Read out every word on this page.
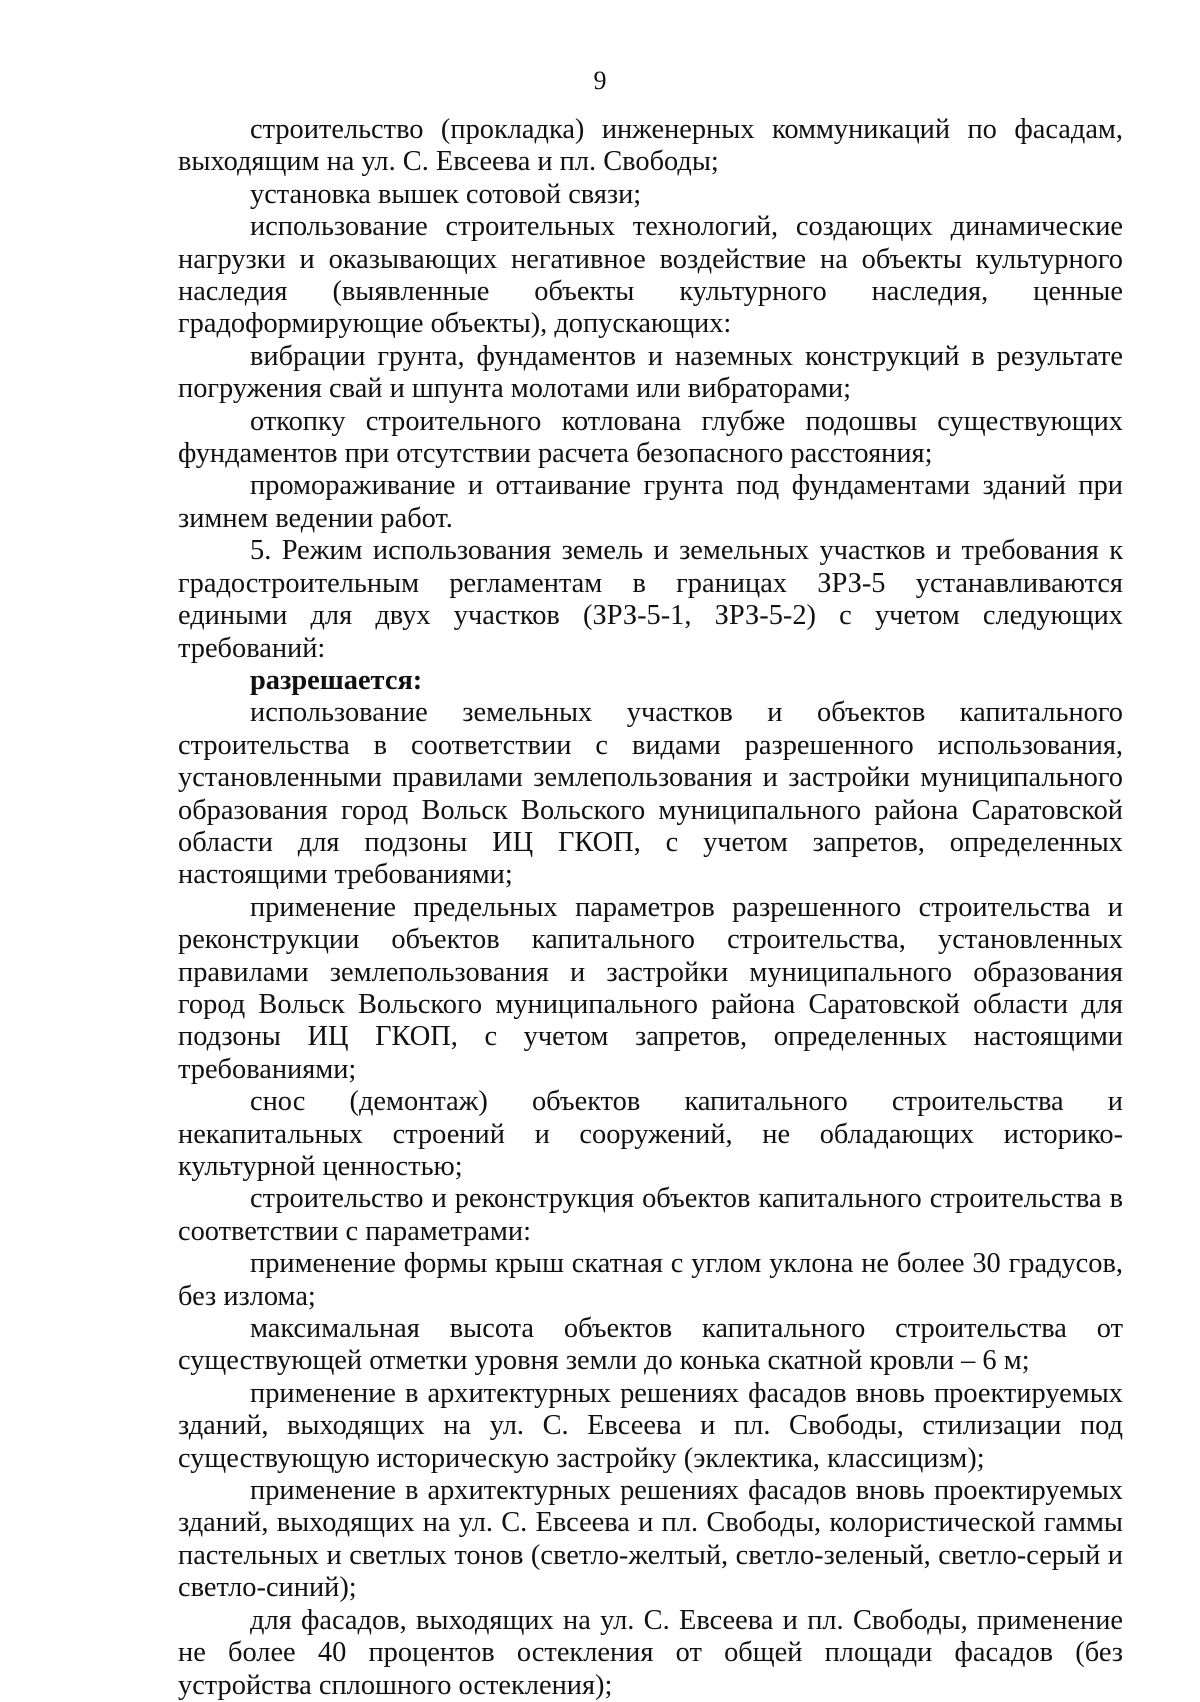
9

строительство (прокладка) инженерных коммуникаций по фасадам, выходящим на ул. С. Евсеева и пл. Свободы;

установка вышек сотовой связи;

использование строительных технологий, создающих динамические нагрузки и оказывающих негативное воздействие на объекты культурного наследия (выявленные объекты культурного наследия, ценные градоформирующие объекты), допускающих:

вибрации грунта, фундаментов и наземных конструкций в результате погружения свай и шпунта молотами или вибраторами;

откопку строительного котлована глубже подошвы существующих фундаментов при отсутствии расчета безопасного расстояния;

промораживание и оттаивание грунта под фундаментами зданий при зимнем ведении работ.

5. Режим использования земель и земельных участков и требования к градостроительным регламентам в границах ЗРЗ-5 устанавливаются едиными для двух участков (ЗРЗ-5-1, ЗРЗ-5-2) с учетом следующих требований:

разрешается:

использование земельных участков и объектов капитального строительства в соответствии с видами разрешенного использования, установленными правилами землепользования и застройки муниципального образования город Вольск Вольского муниципального района Саратовской области для подзоны ИЦ ГКОП, с учетом запретов, определенных настоящими требованиями;

применение предельных параметров разрешенного строительства и реконструкции объектов капитального строительства, установленных правилами землепользования и застройки муниципального образования город Вольск Вольского муниципального района Саратовской области для подзоны ИЦ ГКОП, с учетом запретов, определенных настоящими требованиями;

снос (демонтаж) объектов капитального строительства и некапитальных строений и сооружений, не обладающих историко-культурной ценностью;

строительство и реконструкция объектов капитального строительства в соответствии с параметрами:

применение формы крыш скатная с углом уклона не более 30 градусов, без излома;

максимальная высота объектов капитального строительства от существующей отметки уровня земли до конька скатной кровли – 6 м;

применение в архитектурных решениях фасадов вновь проектируемых зданий, выходящих на ул. С. Евсеева и пл. Свободы, стилизации под существующую историческую застройку (эклектика, классицизм);

применение в архитектурных решениях фасадов вновь проектируемых зданий, выходящих на ул. С. Евсеева и пл. Свободы, колористической гаммы пастельных и светлых тонов (светло-желтый, светло-зеленый, светло-серый и светло-синий);

для фасадов, выходящих на ул. С. Евсеева и пл. Свободы, применение не более 40 процентов остекления от общей площади фасадов (без устройства сплошного остекления);
